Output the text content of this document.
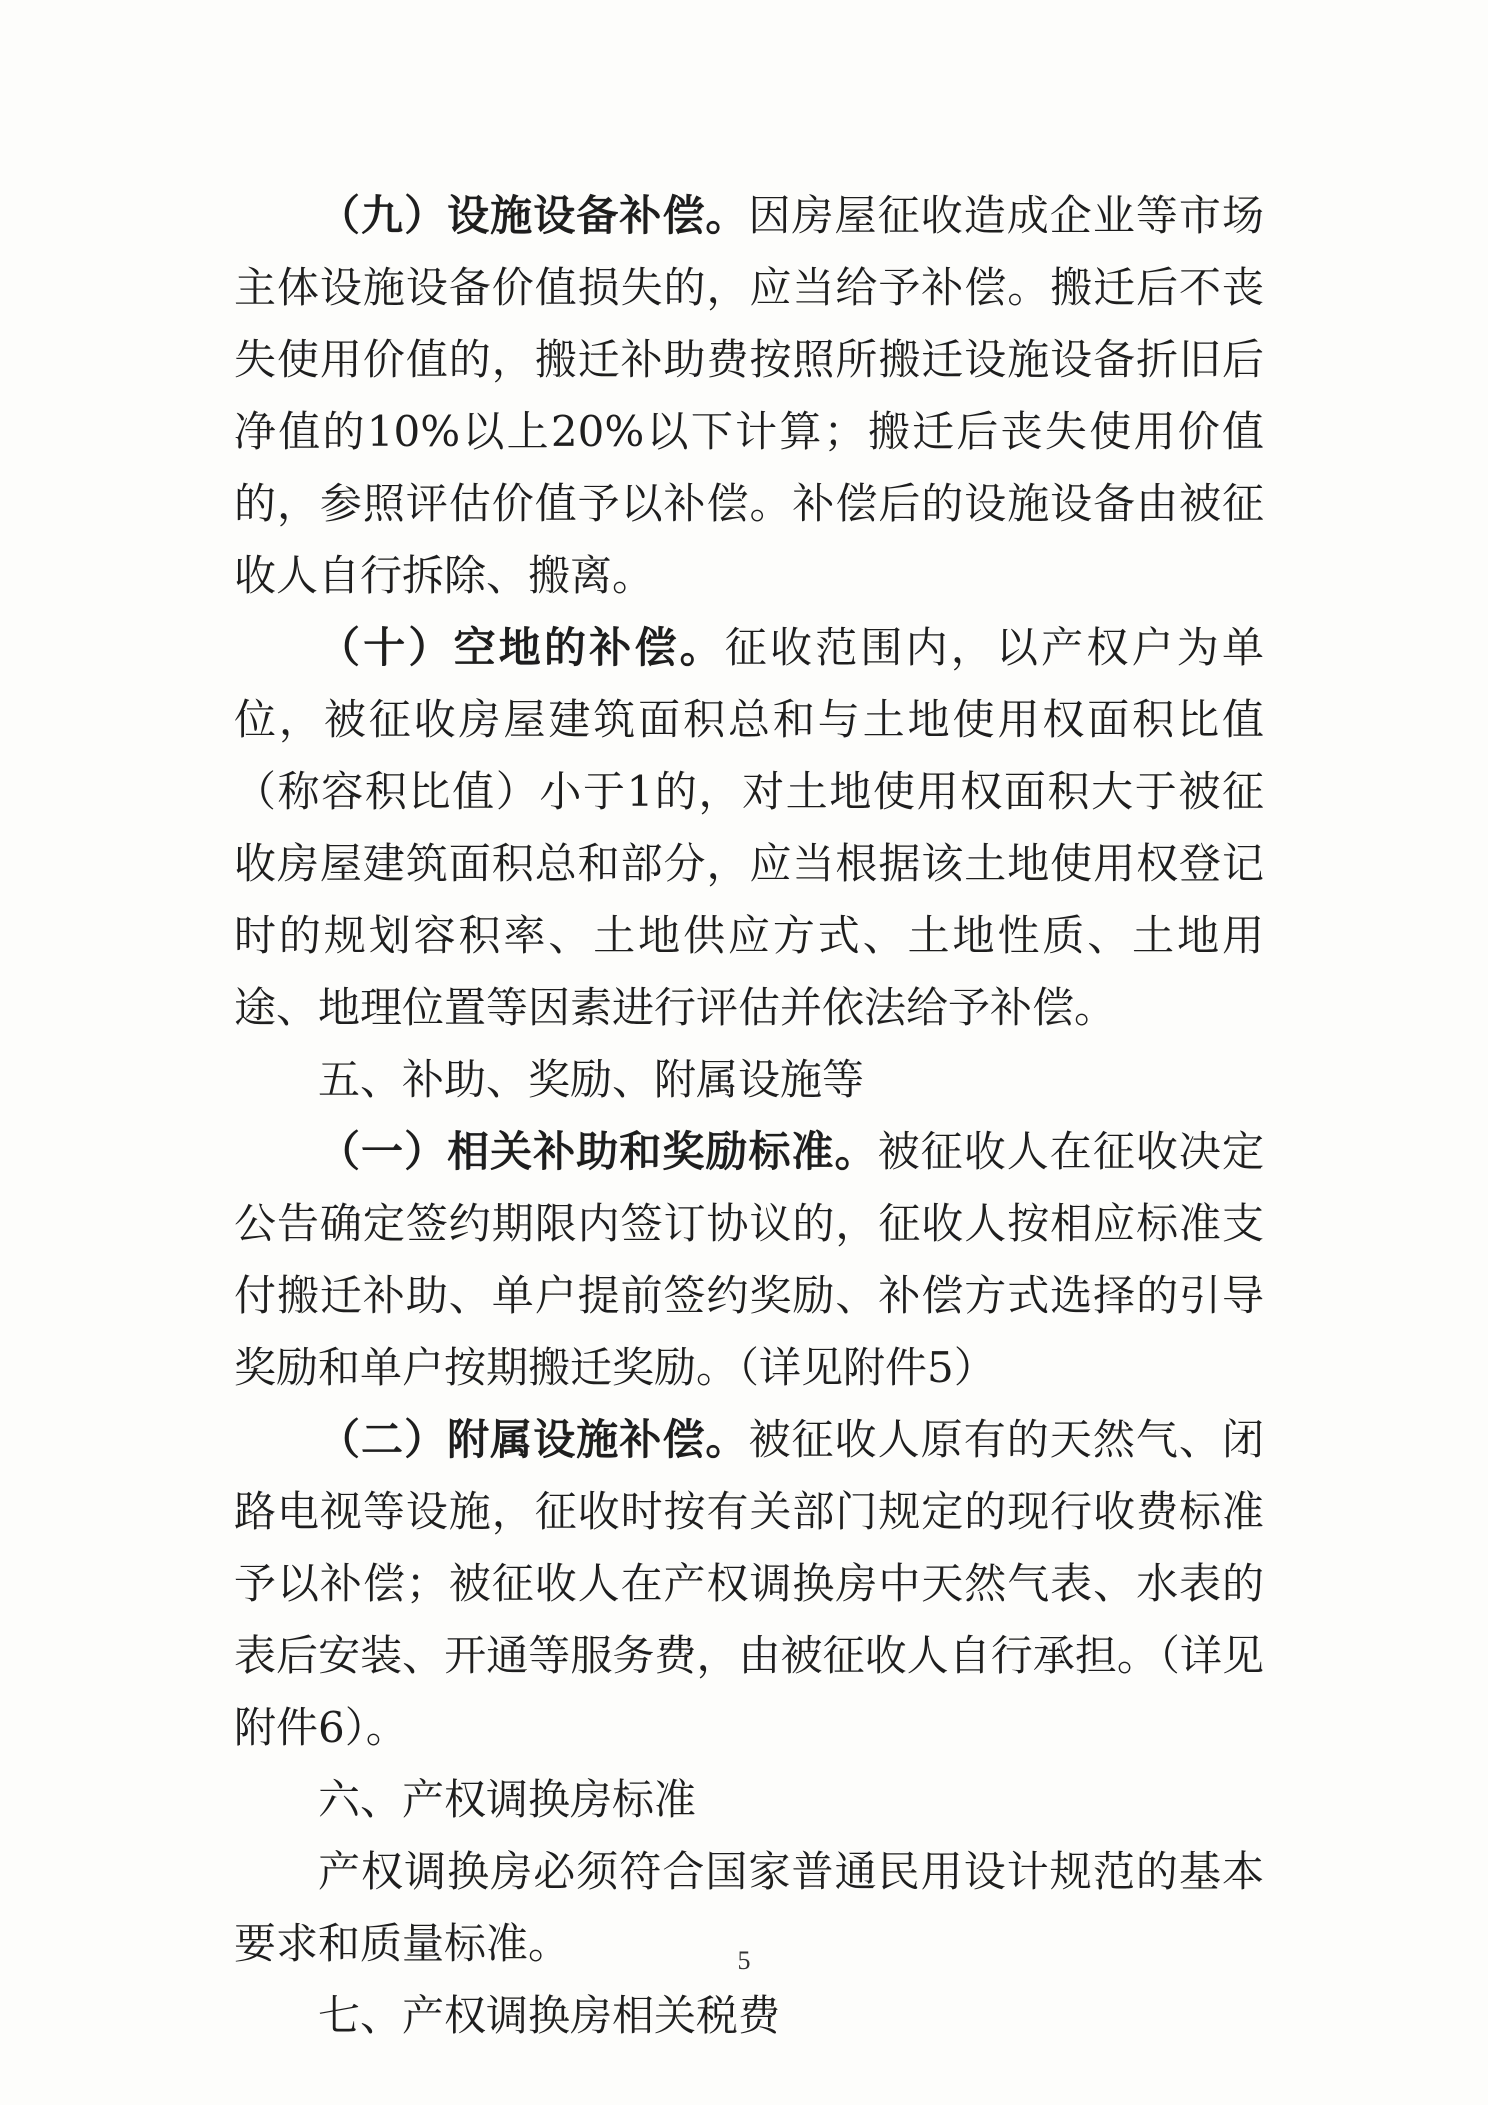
（九）设施设备补偿。因房屋征收造成企业等市场主体设施设备价值损失的，应当给予补偿。搬迁后不丧失使用价值的，搬迁补助费按照所搬迁设施设备折旧后净值的10%以上20%以下计算；搬迁后丧失使用价值的，参照评估价值予以补偿。补偿后的设施设备由被征收人自行拆除、搬离。

（十）空地的补偿。征收范围内，以产权户为单位，被征收房屋建筑面积总和与土地使用权面积比值（称容积比值）小于1的，对土地使用权面积大于被征收房屋建筑面积总和部分，应当根据该土地使用权登记时的规划容积率、土地供应方式、土地性质、土地用途、地理位置等因素进行评估并依法给予补偿。

五、补助、奖励、附属设施等

（一）相关补助和奖励标准。被征收人在征收决定公告确定签约期限内签订协议的，征收人按相应标准支付搬迁补助、单户提前签约奖励、补偿方式选择的引导奖励和单户按期搬迁奖励。（详见附件5）

（二）附属设施补偿。被征收人原有的天然气、闭路电视等设施，征收时按有关部门规定的现行收费标准予以补偿；被征收人在产权调换房中天然气表、水表的表后安装、开通等服务费，由被征收人自行承担。（详见附件6）。

六、产权调换房标准

产权调换房必须符合国家普通民用设计规范的基本要求和质量标准。

七、产权调换房相关税费
5
